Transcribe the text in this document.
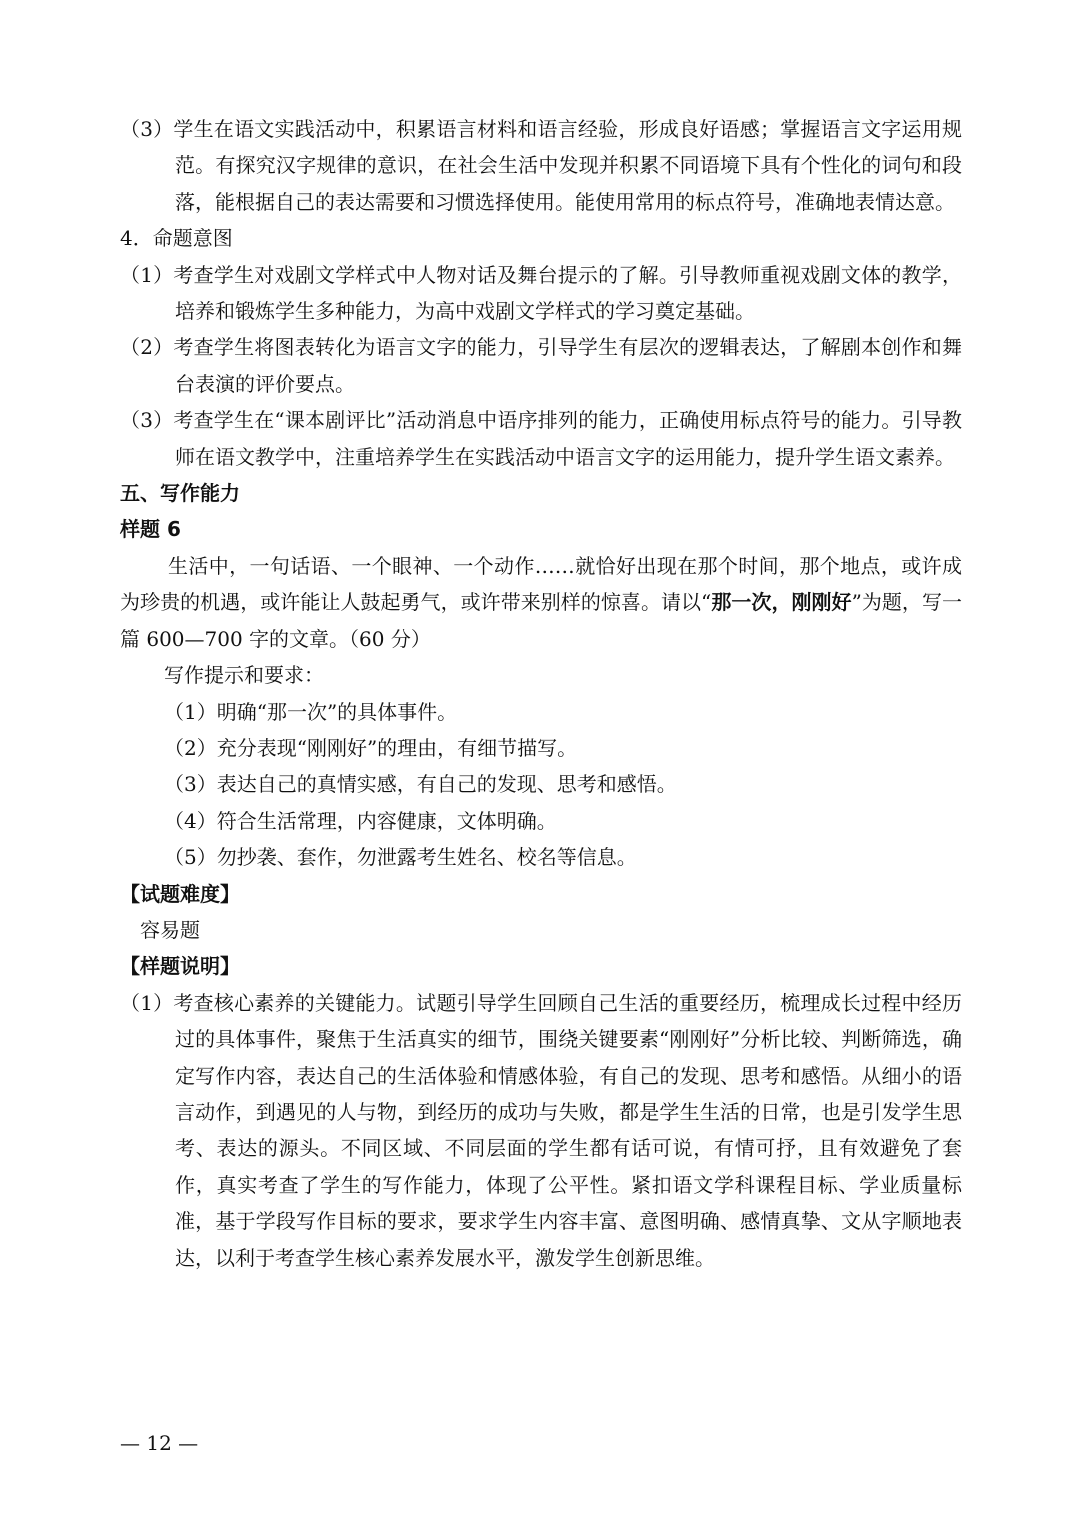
（3）学生在语文实践活动中，积累语言材料和语言经验，形成良好语感；掌握语言文字运用规范。有探究汉字规律的意识，在社会生活中发现并积累不同语境下具有个性化的词句和段落，能根据自己的表达需要和习惯选择使用。能使用常用的标点符号，准确地表情达意。

4．命题意图

（1）考查学生对戏剧文学样式中人物对话及舞台提示的了解。引导教师重视戏剧文体的教学，培养和锻炼学生多种能力，为高中戏剧文学样式的学习奠定基础。

（2）考查学生将图表转化为语言文字的能力，引导学生有层次的逻辑表达，了解剧本创作和舞台表演的评价要点。

（3）考查学生在“课本剧评比”活动消息中语序排列的能力，正确使用标点符号的能力。引导教师在语文教学中，注重培养学生在实践活动中语言文字的运用能力，提升学生语文素养。

五、写作能力

样题 6

生活中，一句话语、一个眼神、一个动作……就恰好出现在那个时间，那个地点，或许成为珍贵的机遇，或许能让人鼓起勇气，或许带来别样的惊喜。请以“那一次，刚刚好”为题，写一篇 600—700 字的文章。（60 分）

写作提示和要求：

（1）明确“那一次”的具体事件。

（2）充分表现“刚刚好”的理由，有细节描写。

（3）表达自己的真情实感，有自己的发现、思考和感悟。

（4）符合生活常理，内容健康，文体明确。

（5）勿抄袭、套作，勿泄露考生姓名、校名等信息。

【试题难度】

容易题

【样题说明】

（1）考查核心素养的关键能力。试题引导学生回顾自己生活的重要经历，梳理成长过程中经历过的具体事件，聚焦于生活真实的细节，围绕关键要素“刚刚好”分析比较、判断筛选，确定写作内容，表达自己的生活体验和情感体验，有自己的发现、思考和感悟。从细小的语言动作，到遇见的人与物，到经历的成功与失败，都是学生生活的日常，也是引发学生思考、表达的源头。不同区域、不同层面的学生都有话可说，有情可抒，且有效避免了套作，真实考查了学生的写作能力，体现了公平性。紧扣语文学科课程目标、学业质量标准，基于学段写作目标的要求，要求学生内容丰富、意图明确、感情真挚、文从字顺地表达，以利于考查学生核心素养发展水平，激发学生创新思维。

— 12 —
